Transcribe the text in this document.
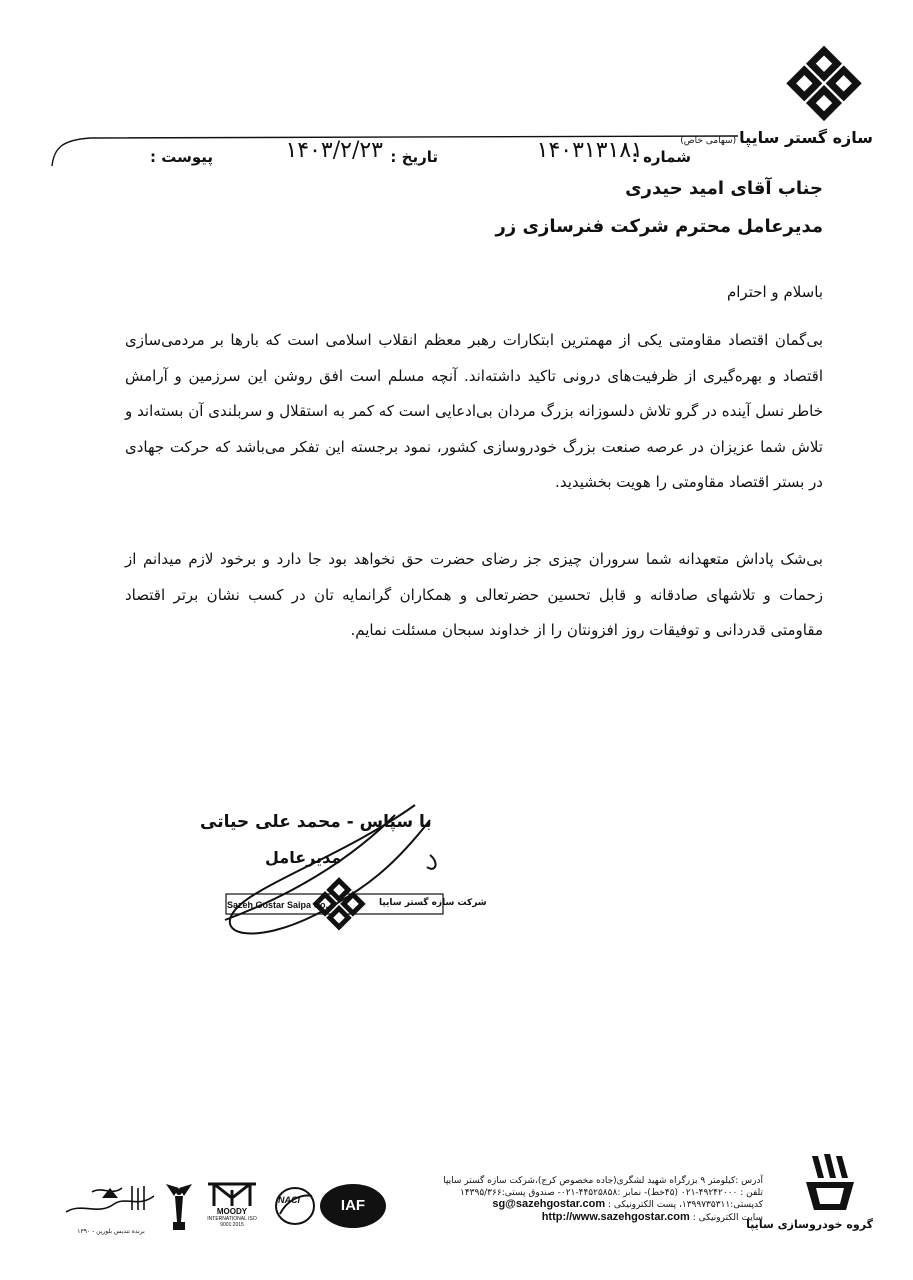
سازه گستر سایپا(سهامی خاص)
شماره :
۱۴۰۳۱۳۱۸۱
تاریخ :
۱۴۰۳/۲/۲۳
پیوست :
جناب آقای امید حیدری
مدیرعامل محترم شرکت فنرسازی زر
باسلام و احترام
بی‌گمان اقتصاد مقاومتی یکی از مهمترین ابتکارات رهبر معظم انقلاب اسلامی است که بارها بر مردمی‌سازی اقتصاد و بهره‌گیری از ظرفیت‌های درونی تاکید داشته‌اند. آنچه مسلم است افق روشن این سرزمین و آرامش خاطر نسل آینده در گرو تلاش دلسوزانه بزرگ مردان بی‌ادعایی است که کمر به استقلال و سربلندی آن بسته‌اند و تلاش شما عزیزان در عرصه صنعت بزرگ خودروسازی کشور، نمود برجسته این تفکر می‌باشد که حرکت جهادی در بستر اقتصاد مقاومتی را هویت بخشیدید.
بی‌شک پاداش متعهدانه شما سروران چیزی جز رضای حضرت حق نخواهد بود جا دارد و برخود لازم میدانم از زحمات و تلاشهای صادقانه و قابل تحسین حضرتعالی و همکاران گرانمایه تان در کسب نشان برتر اقتصاد مقاومتی قدردانی و توفیقات روز افزونتان را از خداوند سبحان مسئلت نمایم.
با سپاس - محمد علی حیاتی
مدیرعامل
Sazeh Gostar Saipa Co.	شرکت سازه گستر سایپا
گروه خودروسازی سایپا
آدرس :کیلومتر ۹ بزرگراه شهید لشگری(جاده مخصوص کرج)،شرکت سازه گستر سایپا
تلفن : ۴۹۲۴۲۰۰۰-۰۲۱ (۴۵خط)- نمابر :۴۴۵۲۵۸۵۸-۰۲۱- صندوق پستی:۱۴۳۹۵/۳۶۶
کدپستی:۱۳۹۹۷۳۵۳۱۱، پست الکترونیکی : sg@sazehgostar.com
سایت الکترونیکی : http://www.sazehgostar.com
IAF
NACI
MOODY
INTERNATIONAL ISO 9001:2015
برنده تندیس بلورین - ۱۳۹۰
